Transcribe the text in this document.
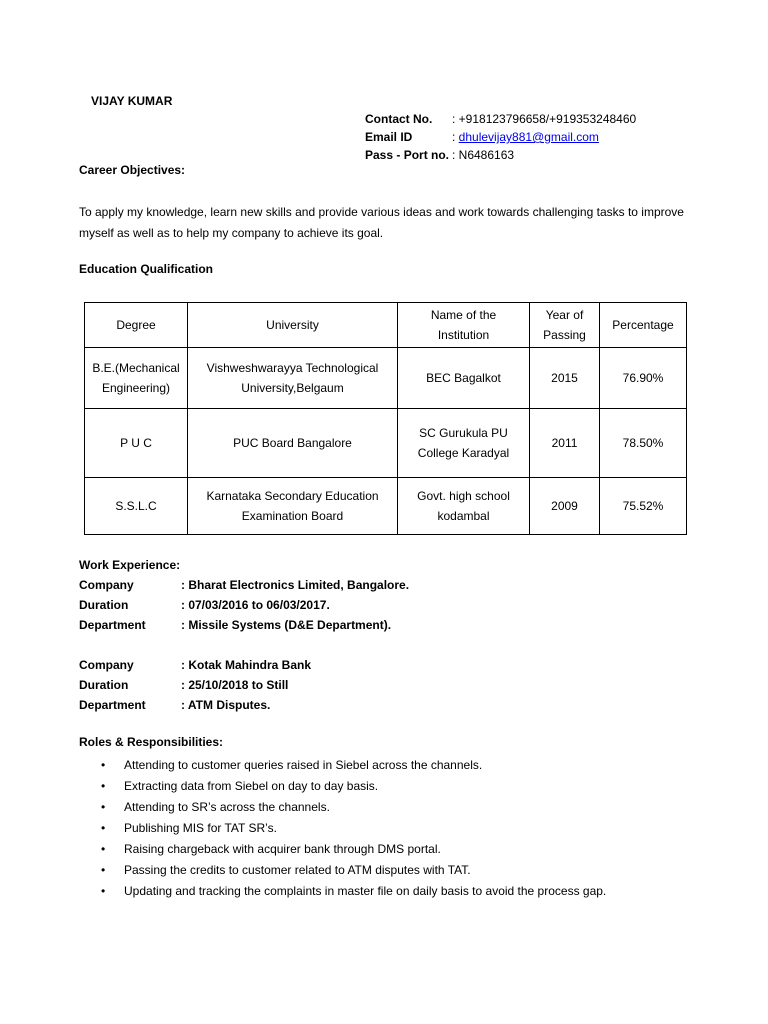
VIJAY KUMAR
Contact No.	: +918123796658/+919353248460
Email ID	: dhulevijay881@gmail.com
Pass - Port no. : N6486163
Career Objectives:
To apply my knowledge, learn new skills and provide various ideas and work towards challenging tasks to improve myself as well as to help my company to achieve its goal.
Education Qualification
Degree	University	Name of the Institution	Year of Passing	Percentage
B.E.(Mechanical Engineering)	Vishweshwarayya Technological University,Belgaum	BEC Bagalkot	2015	76.90%
P U C	PUC Board Bangalore	SC Gurukula PU College Karadyal	2011	78.50%
S.S.L.C	Karnataka Secondary Education Examination Board	Govt. high school kodambal	2009	75.52%
Work Experience:
Company	: Bharat Electronics Limited, Bangalore.
Duration	: 07/03/2016 to 06/03/2017.
Department	: Missile Systems (D&E Department).
Company	: Kotak Mahindra Bank
Duration	: 25/10/2018 to Still
Department	: ATM Disputes.
Roles & Responsibilities:
• Attending to customer queries raised in Siebel across the channels.
• Extracting data from Siebel on day to day basis.
• Attending to SR’s across the channels.
• Publishing MIS for TAT SR’s.
• Raising chargeback with acquirer bank through DMS portal.
• Passing the credits to customer related to ATM disputes with TAT.
• Updating and tracking the complaints in master file on daily basis to avoid the process gap.
